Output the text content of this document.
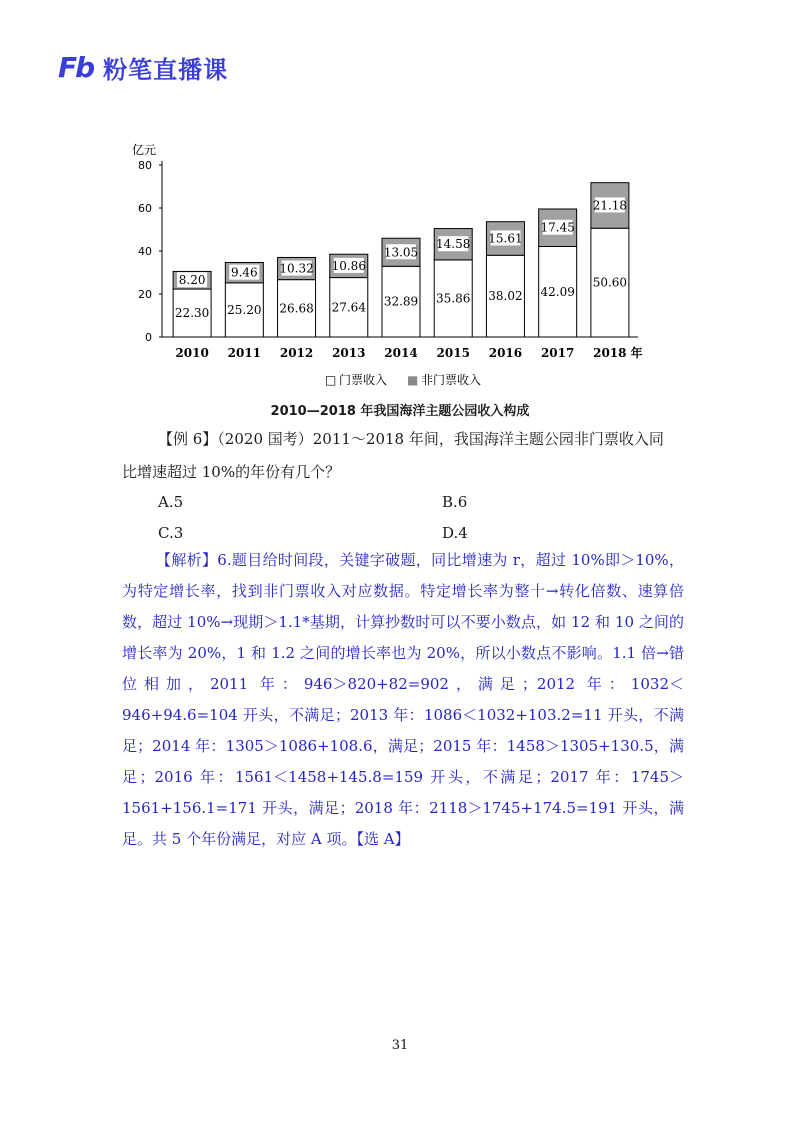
Fb 粉笔直播课
亿元
0
20
40
60
80
22.30
8.20
2010
25.20
9.46
2011
26.68
10.32
2012
27.64
10.86
2013
32.89
13.05
2014
35.86
14.58
2015
38.02
15.61
2016
42.09
17.45
2017
50.60
21.18
2018 年
□ 门票收入 ■ 非门票收入
2010—2018 年我国海洋主题公园收入构成

【例 6】（2020 国考）2011～2018 年间，我国海洋主题公园非门票收入同

比增速超过 10%的年份有几个？

A.5	B.6
C.3	D.4
【解析】6.题目给时间段，关键字破题，同比增速为 r，超过 10%即＞10%，为特定增长率，找到非门票收入对应数据。特定增长率为整十→转化倍数、速算倍数，超过 10%→现期＞1.1*基期，计算抄数时可以不要小数点，如 12 和 10 之间的增长率为 20%，1 和 1.2 之间的增长率也为 20%，所以小数点不影响。1.1 倍→错位相加，2011 年：946＞820+82=902，满足；2012 年：1032＜946+94.6=104 开头，不满足；2013 年：1086＜1032+103.2=11 开头，不满足；2014 年：1305＞1086+108.6，满足；2015 年：1458＞1305+130.5，满足；2016 年：1561＜1458+145.8=159 开头，不满足；2017 年：1745＞1561+156.1=171 开头，满足；2018 年：2118＞1745+174.5=191 开头，满足。共 5 个年份满足，对应 A 项。【选 A】
31
